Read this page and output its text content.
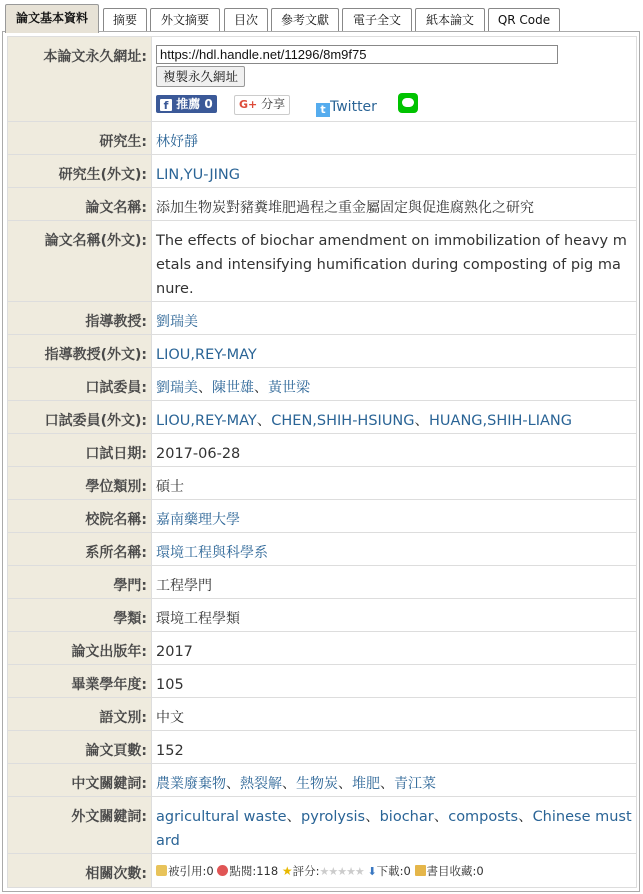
論文基本資料	摘要	外文摘要	目次	參考文獻	電子全文	紙本論文	QR Code
本論文永久網址:
https://hdl.handle.net/11296/8m9f75
複製永久網址
f 推薦 0	G+ 分享	t Twitter
研究生: 林妤靜
研究生(外文): LIN,YU-JING
論文名稱: 添加生物炭對豬糞堆肥過程之重金屬固定與促進腐熟化之研究
論文名稱(外文): The effects of biochar amendment on immobilization of heavy m
etals and intensifying humification during composting of pig ma
nure.
指導教授: 劉瑞美
指導教授(外文): LIOU,REY-MAY
口試委員: 劉瑞美、陳世雄、黃世梁
口試委員(外文): LIOU,REY-MAY、CHEN,SHIH-HSIUNG、HUANG,SHIH-LIANG
口試日期: 2017-06-28
學位類別: 碩士
校院名稱: 嘉南藥理大學
系所名稱: 環境工程與科學系
學門: 工程學門
學類: 環境工程學類
論文出版年: 2017
畢業學年度: 105
語文別: 中文
論文頁數: 152
中文關鍵詞: 農業廢棄物、熱裂解、生物炭、堆肥、青江菜
外文關鍵詞: agricultural waste、pyrolysis、biochar、composts、Chinese must
ard
相關次數:	被引用:0 點閱:118 ★評分:★★★★★ ⬇下載:0 書目收藏:0
